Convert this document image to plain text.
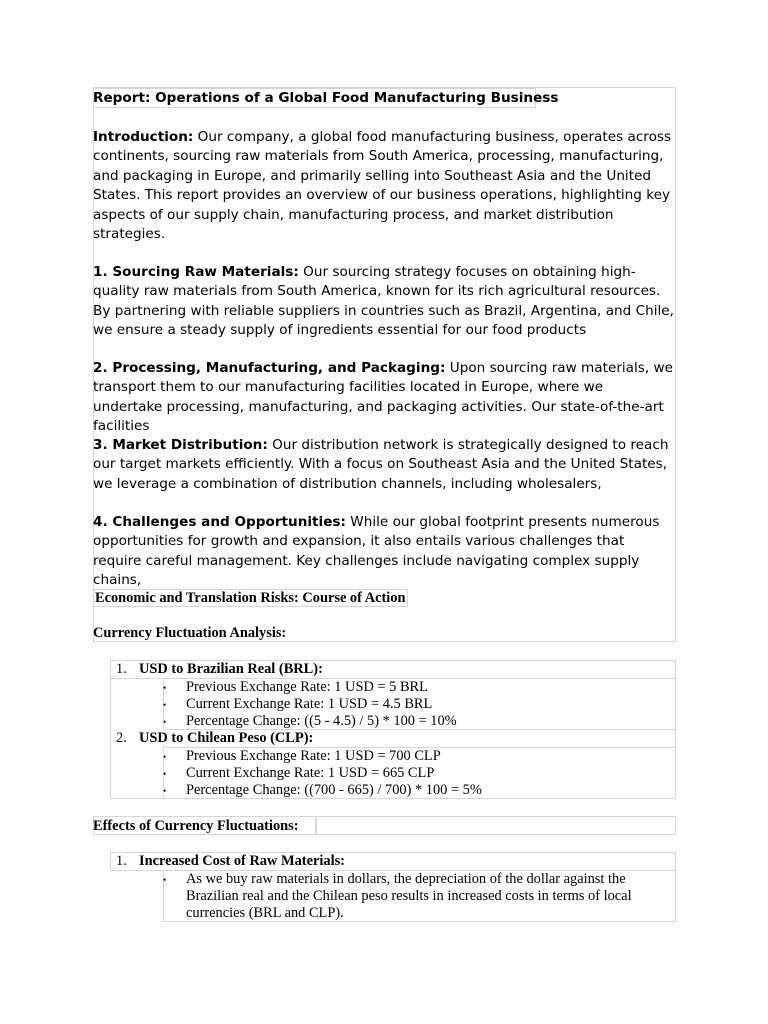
Report: Operations of a Global Food Manufacturing Business

Introduction: Our company, a global food manufacturing business, operates across continents, sourcing raw materials from South America, processing, manufacturing, and packaging in Europe, and primarily selling into Southeast Asia and the United States. This report provides an overview of our business operations, highlighting key aspects of our supply chain, manufacturing process, and market distribution strategies.

1. Sourcing Raw Materials: Our sourcing strategy focuses on obtaining high-quality raw materials from South America, known for its rich agricultural resources. By partnering with reliable suppliers in countries such as Brazil, Argentina, and Chile, we ensure a steady supply of ingredients essential for our food products

2. Processing, Manufacturing, and Packaging: Upon sourcing raw materials, we transport them to our manufacturing facilities located in Europe, where we undertake processing, manufacturing, and packaging activities. Our state-of-the-art facilities

3. Market Distribution: Our distribution network is strategically designed to reach our target markets efficiently. With a focus on Southeast Asia and the United States, we leverage a combination of distribution channels, including wholesalers,

4. Challenges and Opportunities: While our global footprint presents numerous opportunities for growth and expansion, it also entails various challenges that require careful management. Key challenges include navigating complex supply chains,

Economic and Translation Risks: Course of Action
Currency Fluctuation Analysis:
1. USD to Brazilian Real (BRL):
• Previous Exchange Rate: 1 USD = 5 BRL
• Current Exchange Rate: 1 USD = 4.5 BRL
• Percentage Change: ((5 - 4.5) / 5) * 100 = 10%
2. USD to Chilean Peso (CLP):
• Previous Exchange Rate: 1 USD = 700 CLP
• Current Exchange Rate: 1 USD = 665 CLP
• Percentage Change: ((700 - 665) / 700) * 100 = 5%
Effects of Currency Fluctuations:
1. Increased Cost of Raw Materials:
• As we buy raw materials in dollars, the depreciation of the dollar against the Brazilian real and the Chilean peso results in increased costs in terms of local currencies (BRL and CLP).
